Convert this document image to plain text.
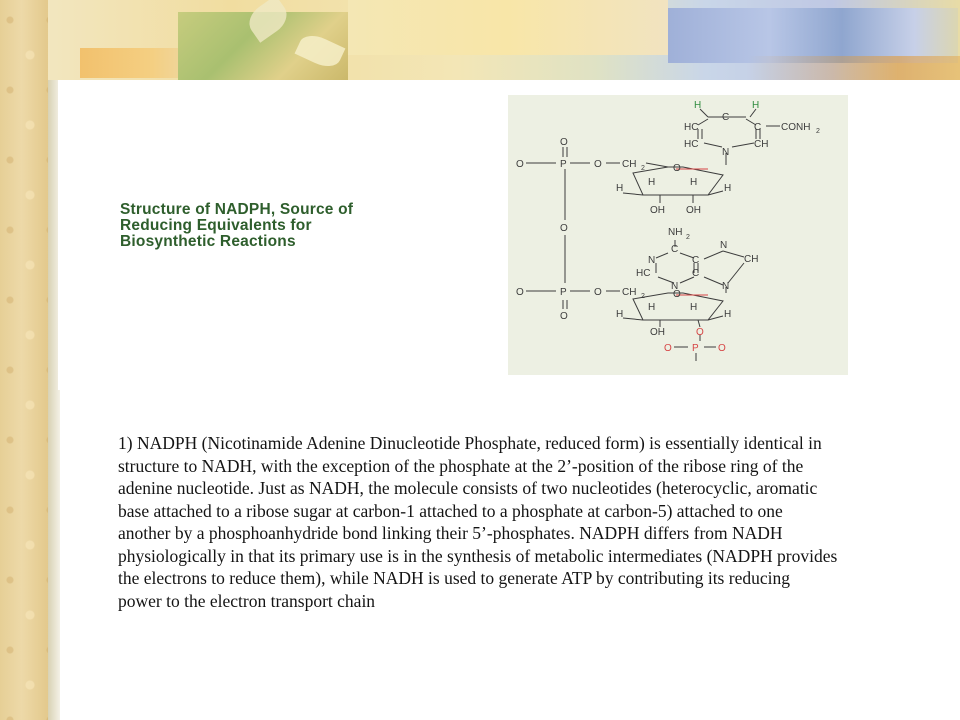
Structure of NADPH, Source of
Reducing Equivalents for
Biosynthetic Reactions
H	H
C
HC	C CONH 2
HC	CH
N
O	P	O CH 2	O
O
O
H
H	H
H
OH OH
NH 2
C
N	C
N
CH
HC	C
N	N
O	P	O CH 2	O
O	H
H	H
H
OH	O
O P O

1) NADPH (Nicotinamide Adenine Dinucleotide Phosphate, reduced form) is essentially identical in structure to NADH, with the exception of the phosphate at the 2’-position of the ribose ring of the adenine nucleotide. Just as NADH, the molecule consists of two nucleotides (heterocyclic, aromatic base attached to a ribose sugar at carbon-1 attached to a phosphate at carbon-5) attached to one another by a phosphoanhydride bond linking their 5’-phosphates. NADPH differs from NADH physiologically in that its primary use is in the synthesis of metabolic intermediates (NADPH provides the electrons to reduce them), while NADH is used to generate ATP by contributing its reducing power to the electron transport chain
